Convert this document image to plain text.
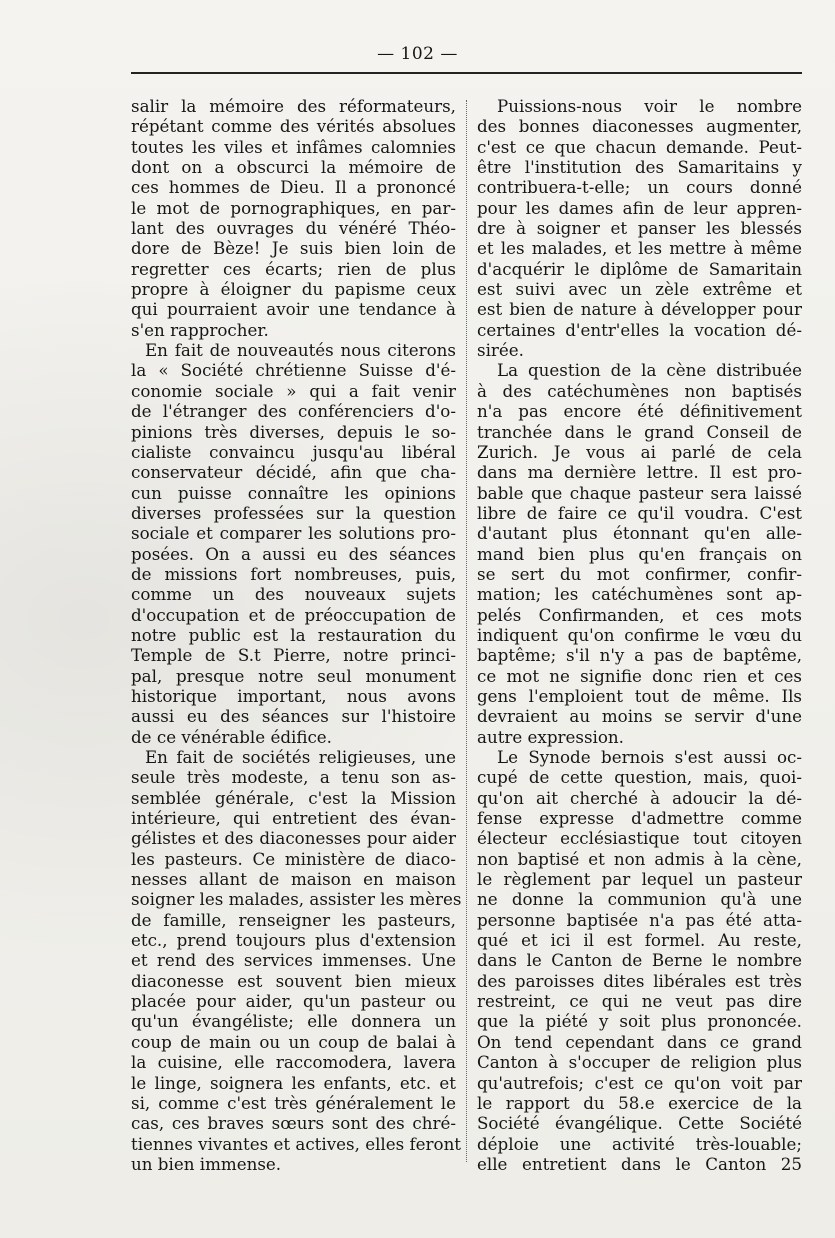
— 102 —
salir la mémoire des réformateurs,
répétant comme des vérités absolues
toutes les viles et infâmes calomnies
dont on a obscurci la mémoire de
ces hommes de Dieu. Il a prononcé
le mot de pornographiques, en par-
lant des ouvrages du vénéré Théo-
dore de Bèze! Je suis bien loin de
regretter ces écarts; rien de plus
propre à éloigner du papisme ceux
qui pourraient avoir une tendance à
s'en rapprocher.
En fait de nouveautés nous citerons
la « Société chrétienne Suisse d'é-
conomie sociale » qui a fait venir
de l'étranger des conférenciers d'o-
pinions très diverses, depuis le so-
cialiste convaincu jusqu'au libéral
conservateur décidé, afin que cha-
cun puisse connaître les opinions
diverses professées sur la question
sociale et comparer les solutions pro-
posées. On a aussi eu des séances
de missions fort nombreuses, puis,
comme un des nouveaux sujets
d'occupation et de préoccupation de
notre public est la restauration du
Temple de S.t Pierre, notre princi-
pal, presque notre seul monument
historique important, nous avons
aussi eu des séances sur l'histoire
de ce vénérable édifice.
En fait de sociétés religieuses, une
seule très modeste, a tenu son as-
semblée générale, c'est la Mission
intérieure, qui entretient des évan-
gélistes et des diaconesses pour aider
les pasteurs. Ce ministère de diaco-
nesses allant de maison en maison
soigner les malades, assister les mères
de famille, renseigner les pasteurs,
etc., prend toujours plus d'extension
et rend des services immenses. Une
diaconesse est souvent bien mieux
placée pour aider, qu'un pasteur ou
qu'un évangéliste; elle donnera un
coup de main ou un coup de balai à
la cuisine, elle raccomodera, lavera
le linge, soignera les enfants, etc. et
si, comme c'est très généralement le
cas, ces braves sœurs sont des chré-
tiennes vivantes et actives, elles feront
un bien immense.
Puissions-nous voir le nombre
des bonnes diaconesses augmenter,
c'est ce que chacun demande. Peut-
être l'institution des Samaritains y
contribuera-t-elle; un cours donné
pour les dames afin de leur appren-
dre à soigner et panser les blessés
et les malades, et les mettre à même
d'acquérir le diplôme de Samaritain
est suivi avec un zèle extrême et
est bien de nature à développer pour
certaines d'entr'elles la vocation dé-
sirée.
La question de la cène distribuée
à des catéchumènes non baptisés
n'a pas encore été définitivement
tranchée dans le grand Conseil de
Zurich. Je vous ai parlé de cela
dans ma dernière lettre. Il est pro-
bable que chaque pasteur sera laissé
libre de faire ce qu'il voudra. C'est
d'autant plus étonnant qu'en alle-
mand bien plus qu'en français on
se sert du mot confirmer, confir-
mation; les catéchumènes sont ap-
pelés Confirmanden, et ces mots
indiquent qu'on confirme le vœu du
baptême; s'il n'y a pas de baptême,
ce mot ne signifie donc rien et ces
gens l'emploient tout de même. Ils
devraient au moins se servir d'une
autre expression.
Le Synode bernois s'est aussi oc-
cupé de cette question, mais, quoi-
qu'on ait cherché à adoucir la dé-
fense expresse d'admettre comme
électeur ecclésiastique tout citoyen
non baptisé et non admis à la cène,
le règlement par lequel un pasteur
ne donne la communion qu'à une
personne baptisée n'a pas été atta-
qué et ici il est formel. Au reste,
dans le Canton de Berne le nombre
des paroisses dites libérales est très
restreint, ce qui ne veut pas dire
que la piété y soit plus prononcée.
On tend cependant dans ce grand
Canton à s'occuper de religion plus
qu'autrefois; c'est ce qu'on voit par
le rapport du 58.e exercice de la
Société évangélique. Cette Société
déploie une activité très-louable;
elle entretient dans le Canton 25
